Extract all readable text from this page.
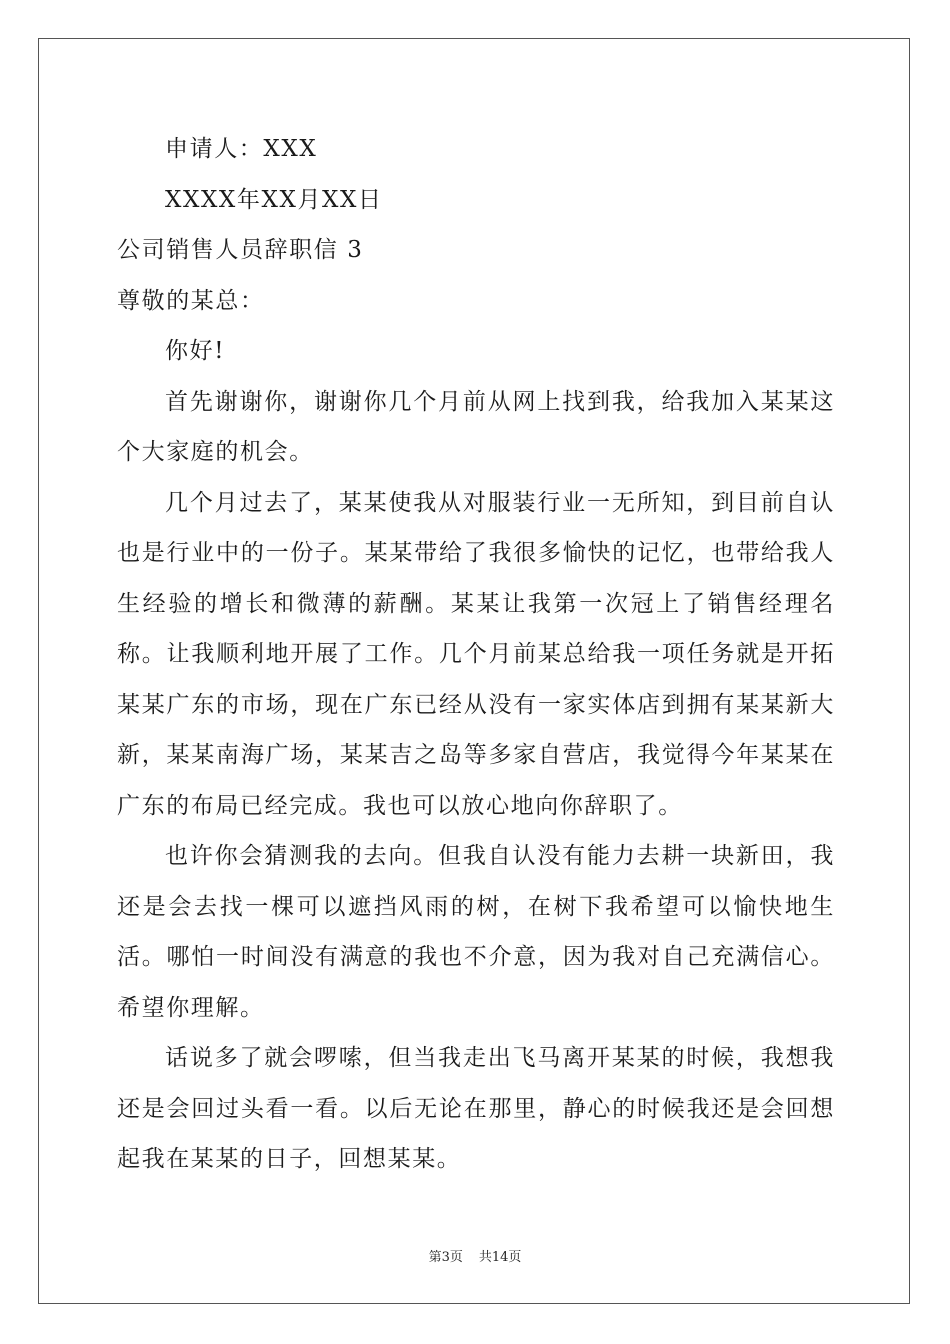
申请人：XXX

XXXX年XX月XX日

公司销售人员辞职信 3

尊敬的某总：

你好!

首先谢谢你，谢谢你几个月前从网上找到我，给我加入某某这个大家庭的机会。

几个月过去了，某某使我从对服装行业一无所知，到目前自认也是行业中的一份子。某某带给了我很多愉快的记忆，也带给我人生经验的增长和微薄的薪酬。某某让我第一次冠上了销售经理名称。让我顺利地开展了工作。几个月前某总给我一项任务就是开拓某某广东的市场，现在广东已经从没有一家实体店到拥有某某新大新，某某南海广场，某某吉之岛等多家自营店，我觉得今年某某在广东的布局已经完成。我也可以放心地向你辞职了。

也许你会猜测我的去向。但我自认没有能力去耕一块新田，我还是会去找一棵可以遮挡风雨的树，在树下我希望可以愉快地生活。哪怕一时间没有满意的我也不介意，因为我对自己充满信心。希望你理解。

话说多了就会啰嗦，但当我走出飞马离开某某的时候，我想我还是会回过头看一看。以后无论在那里，静心的时候我还是会回想起我在某某的日子，回想某某。

第3页 共14页
